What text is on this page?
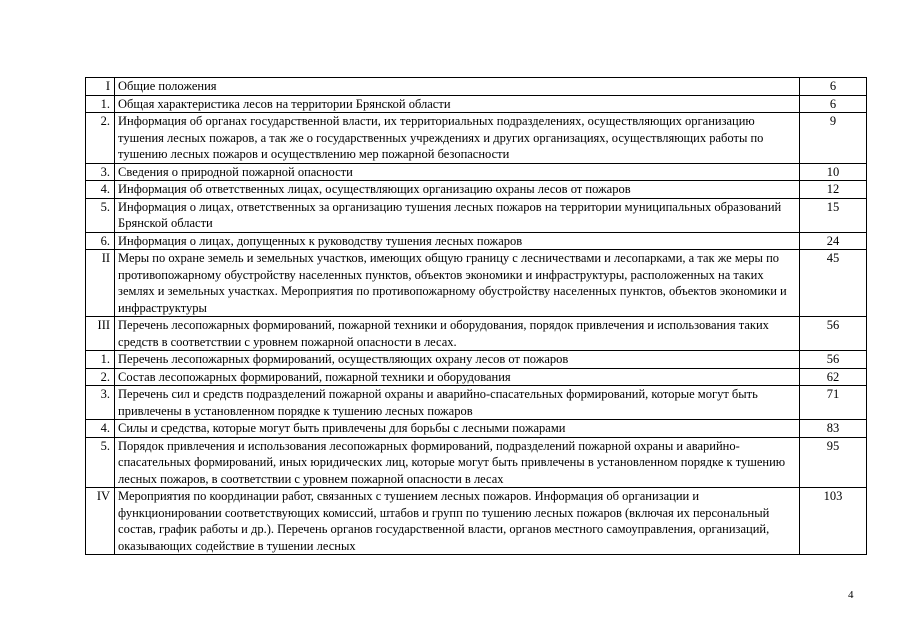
I	Общие положения	6
1.	Общая характеристика лесов на территории Брянской области	6
2.	Информация об органах государственной власти, их территориальных подразделениях, осуществляющих организацию тушения лесных пожаров, а так же о государственных учреждениях и других организациях, осуществляющих работы по тушению лесных пожаров и осуществлению мер пожарной безопасности	9
3.	Сведения о природной пожарной опасности	10
4.	Информация об ответственных лицах, осуществляющих организацию охраны лесов от пожаров	12
5.	Информация о лицах, ответственных за организацию тушения лесных пожаров на территории муниципальных образований Брянской области	15
6.	Информация о лицах, допущенных к руководству тушения лесных пожаров	24
II	Меры по охране земель и земельных участков, имеющих общую границу с лесничествами и лесопарками, а так же меры по противопожарному обустройству населенных пунктов, объектов экономики и инфраструктуры, расположенных на таких землях и земельных участках. Мероприятия по противопожарному обустройству населенных пунктов, объектов экономики и инфраструктуры	45
III	Перечень лесопожарных формирований, пожарной техники и оборудования, порядок привлечения и использования таких средств в соответствии с уровнем пожарной опасности в лесах.	56
1.	Перечень лесопожарных формирований, осуществляющих охрану лесов от пожаров	56
2.	Состав лесопожарных формирований, пожарной техники и оборудования	62
3.	Перечень сил и средств подразделений пожарной охраны и аварийно-спасательных формирований, которые могут быть привлечены в установленном порядке к тушению лесных пожаров	71
4.	Силы и средства, которые могут быть привлечены для борьбы с лесными пожарами	83
5.	Порядок привлечения и использования лесопожарных формирований, подразделений пожарной охраны и аварийно-спасательных формирований, иных юридических лиц, которые могут быть привлечены в установленном порядке к тушению лесных пожаров, в соответствии с уровнем пожарной опасности в лесах	95
IV	Мероприятия по координации работ, связанных с тушением лесных пожаров. Информация об организации и функционировании соответствующих комиссий, штабов и групп по тушению лесных пожаров (включая их персональный состав, график работы и др.). Перечень органов государственной власти, органов местного самоуправления, организаций, оказывающих содействие в тушении лесных	103
4
